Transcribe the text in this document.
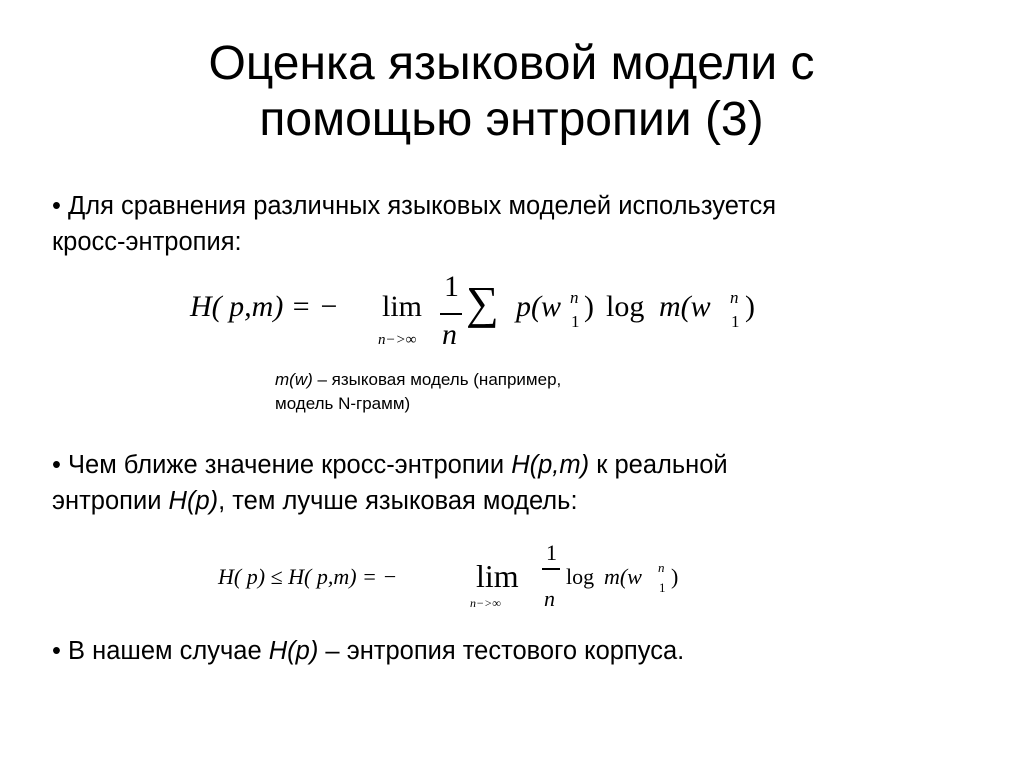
Оценка языковой модели с
помощью энтропии (3)
• Для сравнения различных языковых моделей используется
кросс-энтропия:
H( p,m) = − lim
n−>∞
1
n
∑ p(w n
1 ) log m(w n
1 )
m(w) – языковая модель (например,
модель N-грамм)
• Чем ближе значение кросс-энтропии H(p,m) к реальной
энтропии H(p), тем лучше языковая модель:
H( p) ≤ H( p,m) = − lim
n−>∞
1
n
log m(w n
1 )
• В нашем случае H(p) – энтропия тестового корпуса.
